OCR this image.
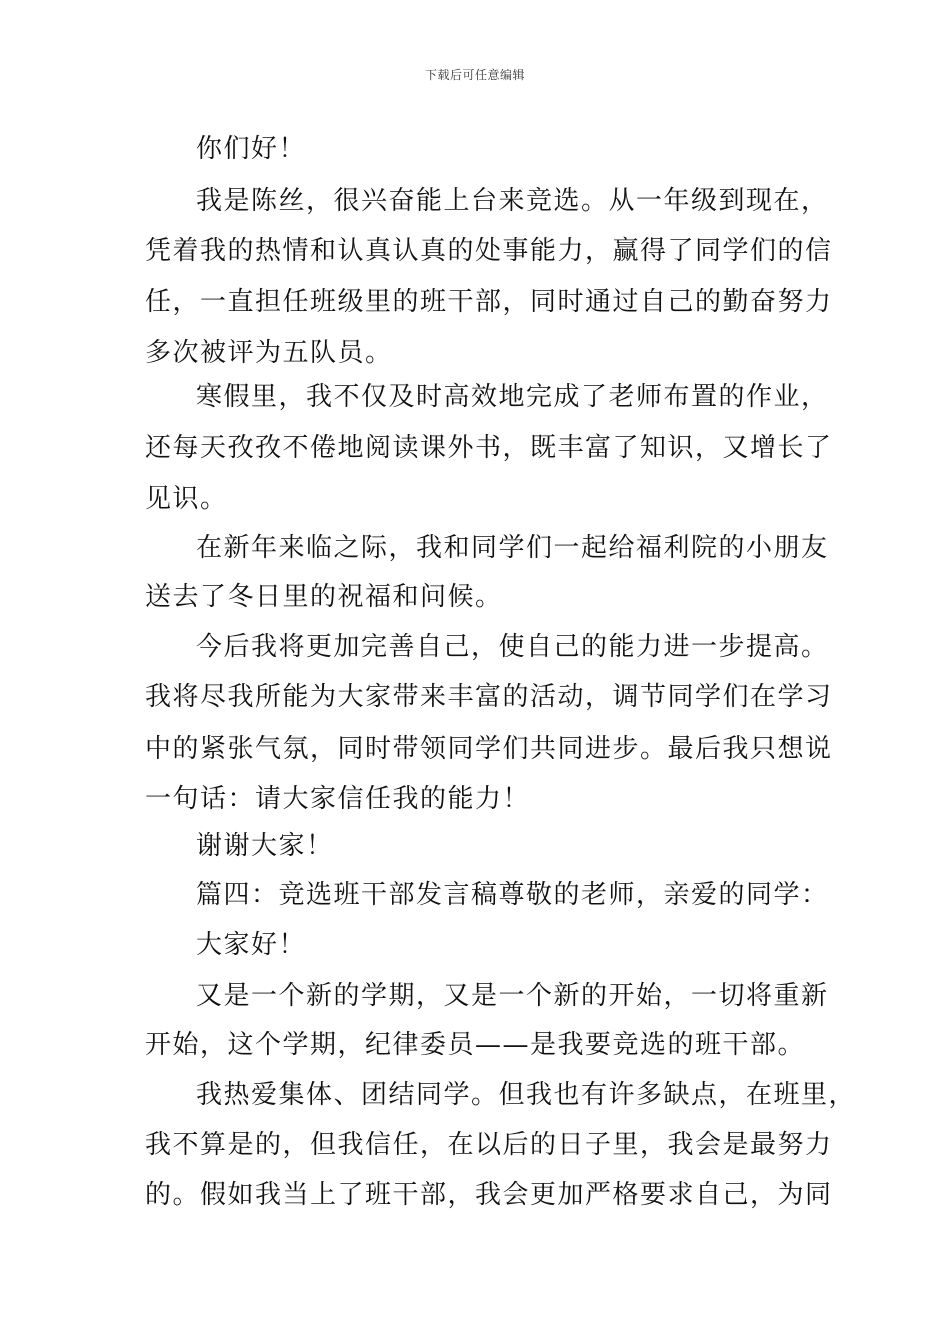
下载后可任意编辑
你们好！
我是陈丝，很兴奋能上台来竞选。从一年级到现在，
凭着我的热情和认真认真的处事能力，赢得了同学们的信
任，一直担任班级里的班干部，同时通过自己的勤奋努力
多次被评为五队员。
寒假里，我不仅及时高效地完成了老师布置的作业，
还每天孜孜不倦地阅读课外书，既丰富了知识，又增长了
见识。
在新年来临之际，我和同学们一起给福利院的小朋友
送去了冬日里的祝福和问候。
今后我将更加完善自己，使自己的能力进一步提高。
我将尽我所能为大家带来丰富的活动，调节同学们在学习
中的紧张气氛，同时带领同学们共同进步。最后我只想说
一句话：请大家信任我的能力！
谢谢大家！
篇四：竞选班干部发言稿尊敬的老师，亲爱的同学：
大家好！
又是一个新的学期，又是一个新的开始，一切将重新
开始，这个学期，纪律委员——是我要竞选的班干部。
我热爱集体、团结同学。但我也有许多缺点，在班里，
我不算是的，但我信任，在以后的日子里，我会是最努力
的。假如我当上了班干部，我会更加严格要求自己，为同
